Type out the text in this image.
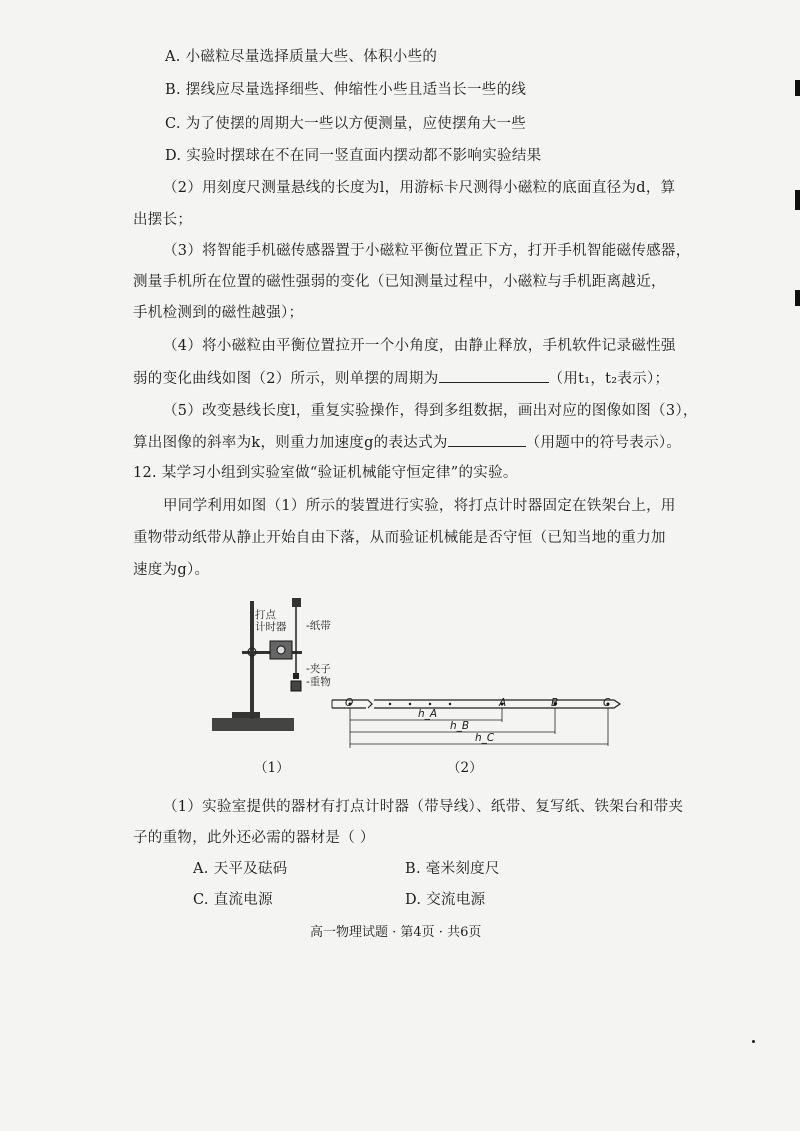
A. 小磁粒尽量选择质量大些、体积小些的
B. 摆线应尽量选择细些、伸缩性小些且适当长一些的线
C. 为了使摆的周期大一些以方便测量，应使摆角大一些
D. 实验时摆球在不在同一竖直面内摆动都不影响实验结果
（2）用刻度尺测量悬线的长度为l，用游标卡尺测得小磁粒的底面直径为d，算
出摆长；
（3）将智能手机磁传感器置于小磁粒平衡位置正下方，打开手机智能磁传感器，
测量手机所在位置的磁性强弱的变化（已知测量过程中，小磁粒与手机距离越近，
手机检测到的磁性越强）；
（4）将小磁粒由平衡位置拉开一个小角度，由静止释放，手机软件记录磁性强
弱的变化曲线如图（2）所示，则单摆的周期为	（用t₁，t₂表示）；
（5）改变悬线长度l，重复实验操作，得到多组数据，画出对应的图像如图（3），
算出图像的斜率为k，则重力加速度g的表达式为	（用题中的符号表示）。
12. 某学习小组到实验室做“验证机械能守恒定律”的实验。
甲同学利用如图（1）所示的装置进行实验，将打点计时器固定在铁架台上，用
重物带动纸带从静止开始自由下落，从而验证机械能是否守恒（已知当地的重力加
速度为g）。
打点
计时器 -纸带
-夹子
-重物
（1）
O	A	B	C
h_A
h_B
h_C
（2）
（1）实验室提供的器材有打点计时器（带导线）、纸带、复写纸、铁架台和带夹
子的重物，此外还必需的器材是（ ）
A. 天平及砝码	B. 毫米刻度尺
C. 直流电源	D. 交流电源
高一物理试题 · 第4页 · 共6页
